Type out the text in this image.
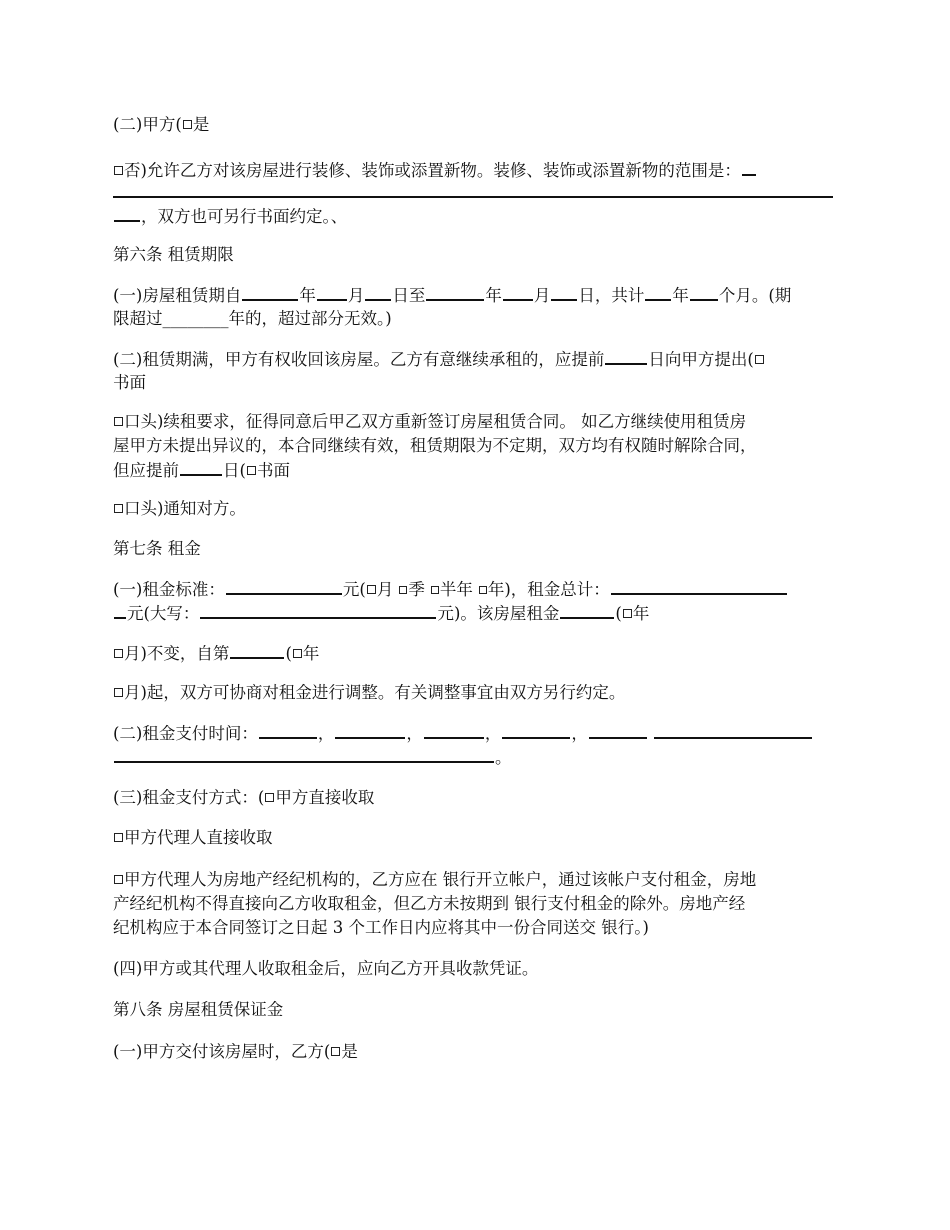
(二)甲方( 是

否)允许乙方对该房屋进行装修、装饰或添置新物。装修、装饰或添置新物的范围是：

，双方也可另行书面约定。、

第六条 租赁期限

(一)房屋租赁期自	年 月 日至	年 月 日，共计 年 个月。(期

限超过________年的，超过部分无效。)

(二)租赁期满，甲方有权收回该房屋。乙方有意继续承租的，应提前	日向甲方提出(

书面

口头)续租要求，征得同意后甲乙双方重新签订房屋租赁合同。 如乙方继续使用租赁房

屋甲方未提出异议的，本合同继续有效，租赁期限为不定期，双方均有权随时解除合同，

但应提前	日( 书面

口头)通知对方。

第七条 租金

(一)租金标准：	元( 月 季 半年 年)，租金总计：

元(大写：	元)。该房屋租金	( 年

月)不变，自第	( 年

月)起，双方可协商对租金进行调整。有关调整事宜由双方另行约定。

(二)租金支付时间：	，	，	，	，

。

(三)租金支付方式：( 甲方直接收取

甲方代理人直接收取

甲方代理人为房地产经纪机构的，乙方应在 银行开立帐户，通过该帐户支付租金，房地

产经纪机构不得直接向乙方收取租金，但乙方未按期到 银行支付租金的除外。房地产经

纪机构应于本合同签订之日起 3 个工作日内应将其中一份合同送交 银行。)

(四)甲方或其代理人收取租金后，应向乙方开具收款凭证。

第八条 房屋租赁保证金

(一)甲方交付该房屋时，乙方( 是
